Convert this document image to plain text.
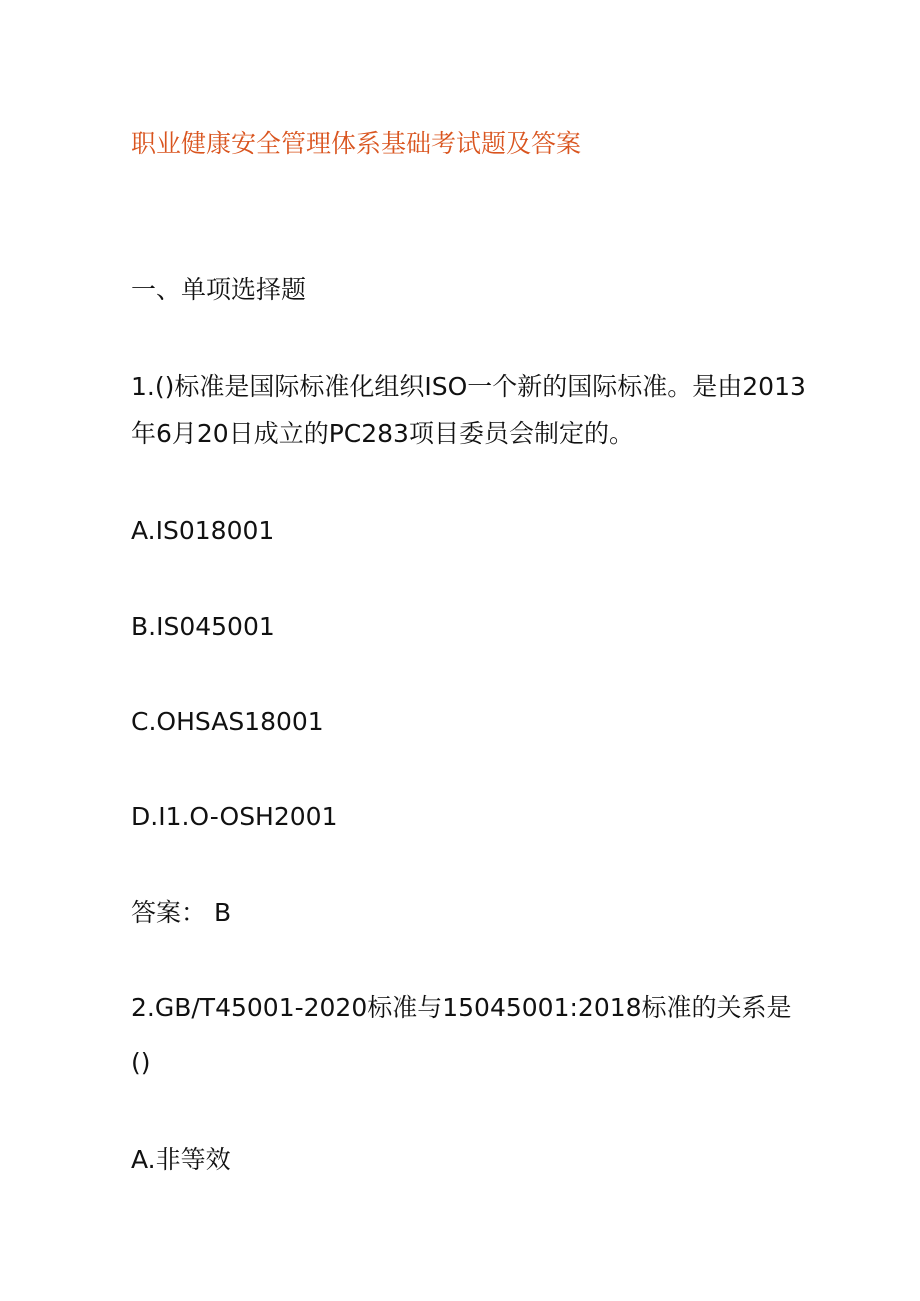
职业健康安全管理体系基础考试题及答案
一、单项选择题
1.()标准是国际标准化组织ISO一个新的国际标准。是由2013
年6月20日成立的PC283项目委员会制定的。
A.IS018001
B.IS045001
C.OHSAS18001
D.I1.O-OSH2001
答案： B
2.GB/T45001-2020标准与15045001:2018标准的关系是
()
A.非等效
